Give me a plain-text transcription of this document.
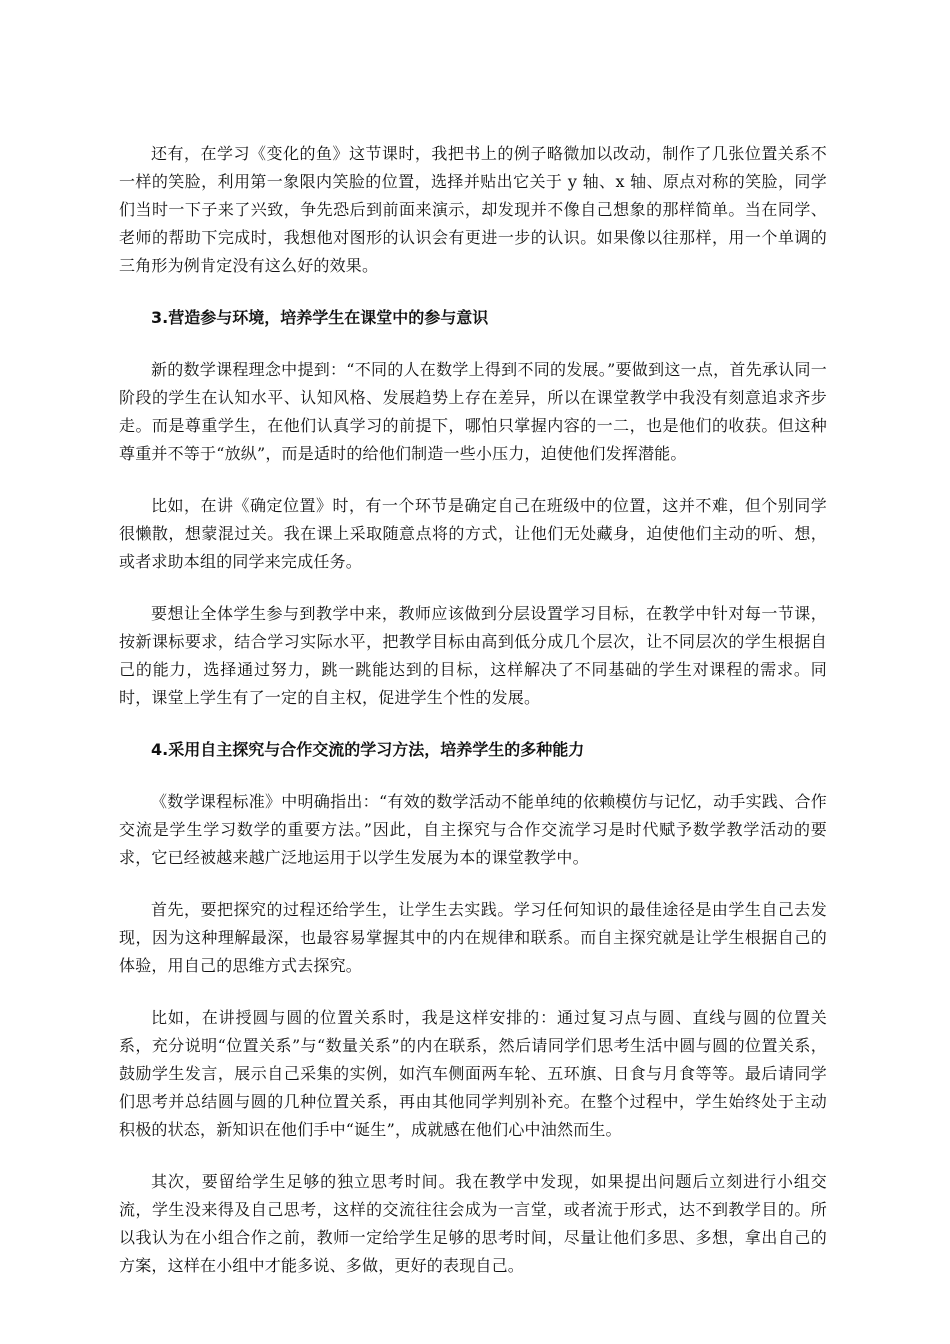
还有，在学习《变化的鱼》这节课时，我把书上的例子略微加以改动，制作了几张位置关系不一样的笑脸，利用第一象限内笑脸的位置，选择并贴出它关于 y 轴、x 轴、原点对称的笑脸，同学们当时一下子来了兴致，争先恐后到前面来演示，却发现并不像自己想象的那样简单。当在同学、老师的帮助下完成时，我想他对图形的认识会有更进一步的认识。如果像以往那样，用一个单调的三角形为例肯定没有这么好的效果。

3.营造参与环境，培养学生在课堂中的参与意识

新的数学课程理念中提到：“不同的人在数学上得到不同的发展。”要做到这一点，首先承认同一阶段的学生在认知水平、认知风格、发展趋势上存在差异，所以在课堂教学中我没有刻意追求齐步走。而是尊重学生，在他们认真学习的前提下，哪怕只掌握内容的一二，也是他们的收获。但这种尊重并不等于“放纵”，而是适时的给他们制造一些小压力，迫使他们发挥潜能。

比如，在讲《确定位置》时，有一个环节是确定自己在班级中的位置，这并不难，但个别同学很懒散，想蒙混过关。我在课上采取随意点将的方式，让他们无处藏身，迫使他们主动的听、想，或者求助本组的同学来完成任务。

要想让全体学生参与到教学中来，教师应该做到分层设置学习目标，在教学中针对每一节课，按新课标要求，结合学习实际水平，把教学目标由高到低分成几个层次，让不同层次的学生根据自己的能力，选择通过努力，跳一跳能达到的目标，这样解决了不同基础的学生对课程的需求。同时，课堂上学生有了一定的自主权，促进学生个性的发展。

4.采用自主探究与合作交流的学习方法，培养学生的多种能力

《数学课程标准》中明确指出：“有效的数学活动不能单纯的依赖模仿与记忆，动手实践、合作交流是学生学习数学的重要方法。”因此，自主探究与合作交流学习是时代赋予数学教学活动的要求，它已经被越来越广泛地运用于以学生发展为本的课堂教学中。

首先，要把探究的过程还给学生，让学生去实践。学习任何知识的最佳途径是由学生自己去发现，因为这种理解最深，也最容易掌握其中的内在规律和联系。而自主探究就是让学生根据自己的体验，用自己的思维方式去探究。

比如，在讲授圆与圆的位置关系时，我是这样安排的：通过复习点与圆、直线与圆的位置关系，充分说明“位置关系”与“数量关系”的内在联系，然后请同学们思考生活中圆与圆的位置关系，鼓励学生发言，展示自己采集的实例，如汽车侧面两车轮、五环旗、日食与月食等等。最后请同学们思考并总结圆与圆的几种位置关系，再由其他同学判别补充。在整个过程中，学生始终处于主动积极的状态，新知识在他们手中“诞生”，成就感在他们心中油然而生。

其次，要留给学生足够的独立思考时间。我在教学中发现，如果提出问题后立刻进行小组交流，学生没来得及自己思考，这样的交流往往会成为一言堂，或者流于形式，达不到教学目的。所以我认为在小组合作之前，教师一定给学生足够的思考时间，尽量让他们多思、多想，拿出自己的方案，这样在小组中才能多说、多做，更好的表现自己。
